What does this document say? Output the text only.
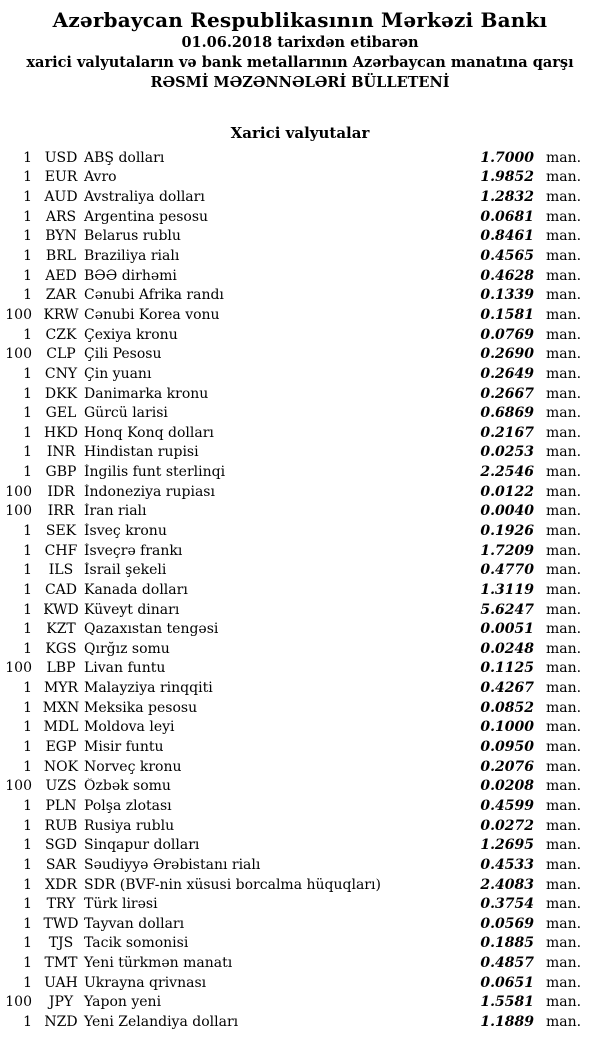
Azərbaycan Respublikasının Mərkəzi Bankı
01.06.2018 tarixdən etibarən
xarici valyutaların və bank metallarının Azərbaycan manatına qarşı
RƏSMİ MƏZƏNNƏLƏRİ BÜLLETENİ
Xarici valyutalar
1 USD ABŞ dolları	1.7000 man.
1 EUR Avro	1.9852 man.
1 AUD Avstraliya dolları	1.2832 man.
1 ARS Argentina pesosu	0.0681 man.
1 BYN Belarus rublu	0.8461 man.
1 BRL Braziliya rialı	0.4565 man.
1 AED BƏƏ dirhəmi	0.4628 man.
1 ZAR Cənubi Afrika randı	0.1339 man.
100 KRW Cənubi Korea vonu	0.1581 man.
1 CZK Çexiya kronu	0.0769 man.
100	CLP Çili Pesosu	0.2690 man.
1 CNY Çin yuanı	0.2649 man.
1 DKK Danimarka kronu	0.2667 man.
1 GEL Gürcü larisi	0.6869 man.
1 HKD Honq Konq dolları	0.2167 man.
1	INR Hindistan rupisi	0.0253 man.
1 GBP İngilis funt sterlinqi	2.2546 man.
100	IDR İndoneziya rupiası	0.0122 man.
100	IRR İran rialı	0.0040 man.
1 SEK İsveç kronu	0.1926 man.
1 CHF İsveçrə frankı	1.7209 man.
1	ILS İsrail şekeli	0.4770 man.
1 CAD Kanada dolları	1.3119 man.
1 KWD Küveyt dinarı	5.6247 man.
1	KZT Qazaxıstan tengəsi	0.0051 man.
1 KGS Qırğız somu	0.0248 man.
100	LBP Livan funtu	0.1125 man.
1 MYR Malayziya rinqqiti	0.4267 man.
1 MXN Meksika pesosu	0.0852 man.
1 MDL Moldova leyi	0.1000 man.
1 EGP Misir funtu	0.0950 man.
1 NOK Norveç kronu	0.2076 man.
100 UZS Özbək somu	0.0208 man.
1 PLN Polşa zlotası	0.4599 man.
1 RUB Rusiya rublu	0.0272 man.
1 SGD Sinqapur dolları	1.2695 man.
1 SAR Səudiyyə Ərəbistanı rialı	0.4533 man.
1 XDR SDR (BVF-nin xüsusi borcalma hüquqları)	2.4083 man.
1	TRY Türk lirəsi	0.3754 man.
1 TWD Tayvan dolları	0.0569 man.
1	TJS Tacik somonisi	0.1885 man.
1 TMT Yeni türkmən manatı	0.4857 man.
1 UAH Ukrayna qrivnası	0.0651 man.
100	JPY Yapon yeni	1.5581 man.
1 NZD Yeni Zelandiya dolları	1.1889 man.
